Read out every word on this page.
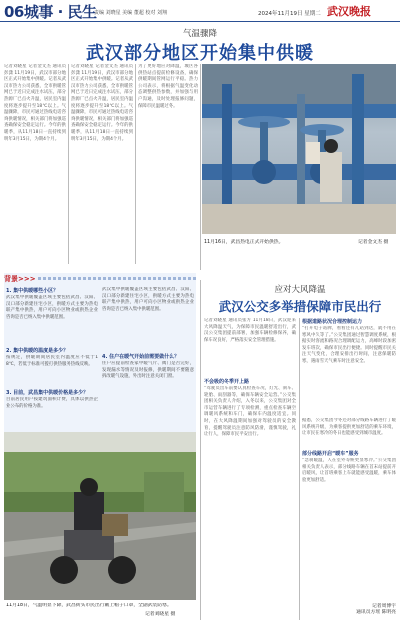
06城事 · 民生
责编 刘晓星 美编 董超 校对 刘翔	2024年11月19日 星期二 武汉晚报
气温骤降
武汉部分地区开始集中供暖
记者刘晓星 记者金文杰 通讯员彭潇 11月19日，武汉市部分地区正式开始集中供暖。记者从武汉市热力公司获悉，全市供暖管网已于近日完成注水试压，部分热源厂已点火升温，居民室内温度将逐步提升至18℃以上。气温骤降，市民可通过热线电话咨询供暖情况，相关部门将加强巡查确保安全稳定运行。今年的供暖季，从11月18日一直持续到明年3月15日，为期4个月。
记者刘晓星 记者金文杰 通讯员彭潇 11月19日，武汉市部分地区正式开始集中供暖。记者从武汉市热力公司获悉，全市供暖管网已于近日完成注水试压，部分热源厂已点火升温，居民室内温度将逐步提升至18℃以上。气温骤降，市民可通过热线电话咨询供暖情况，相关部门将加强巡查确保安全稳定运行。今年的供暖季，从11月18日一直持续到明年3月15日，为期4个月。
为了更好地应对降温，城区各供热站点提前检修设备，确保供暖期间管网运行平稳。热力公司表示，将根据气温变化动态调整供热参数，并加强与用户沟通，及时处理报修问题，保障市民温暖过冬。
11月16日，武昌热电正式开始供热。	记者金文杰 摄
背景>>>
1. 集中供暖哪些小区？
武汉集中供暖覆盖区域主要包括武昌、汉阳、汉口部分新建住宅小区，供暖方式主要为热电联产集中供热，用户可向小区物业或供热企业咨询是否已纳入集中供暖范围。
2. 集中供暖的温度是多少？
按规定，供暖期间居民室内温度应不低于18℃，若低于标准可拨打供热服务热线反映。
3. 目前，武昌集中供暖价格是多少？
目前居民用户按建筑面积计费，具体以供热企业公布的价格为准。
武汉集中供暖覆盖区域主要包括武昌、汉阳、汉口部分新建住宅小区，供暖方式主要为热电联产集中供热，用户可向小区物业或供热企业咨询是否已纳入集中供暖范围。
4. 住户在暖气开始前需要做什么？
住户应提前检查家中暖气片、阀门是否完好，发现漏水等情况及时报修，供暖期间不要随意拆改暖气设施，外出时注意关闭门窗。
11月18日，气温明显下降，武昌街头市民出行戴上帽子口罩，全副武装防寒。
记者刘晓星 摄
应对大风降温
武汉公交多举措保障市民出行
记者刘晓星 通讯员张方 11月18日，武汉迎来大风降温天气，为保障市民温暖舒适出行，武汉公交集团提前部署，加强车辆检修保养，确保车况良好，严格落实安全管理措施。
不会吸的冬季开上路
“驾驶员出车前要认真检查车况，灯光、刹车、轮胎、雨刮器等，确保车辆安全运营。”公交集团相关负责人介绍，入冬以来，公交集团对全市运营车辆进行了专项检测，重点检查车辆空调暖风系统和车门，确保车内温度适宜。同时，在大风降温期间加强对驾驶员的安全教育，提醒驾驶员注意防风防滑，谨慎驾驶，礼让行人，保障市民平安出行。
根据道路状况合理控制运力
“打开电子站牌，看看还有几站到达，就不用在寒风中久等了。”公交集团通过智慧调度系统，根据实时客流和路况合理调配运力，高峰时段加密发车班次，确保市民出行便捷。同时提醒市民关注天气变化，合理安排出行时间，注意保暖防寒，遇雨雪天气乘车时注意安全。
据悉，公交集团今冬还对部分线路车辆进行了暖风系统升级，为乘客提供更加舒适的乘车环境，让市民在寒冷的冬日也能感受到城市温度。
部分线路开启“暖车”服务
“急刹暖温，人在室外等候更显寒冷。”公交集团相关负责人表示，部分线路车辆在首末站提前开启暖风，让首班乘客上车就能感受温暖，乘车体验更加舒适。
记者周博宇
通讯员方瑶 陈明亮
